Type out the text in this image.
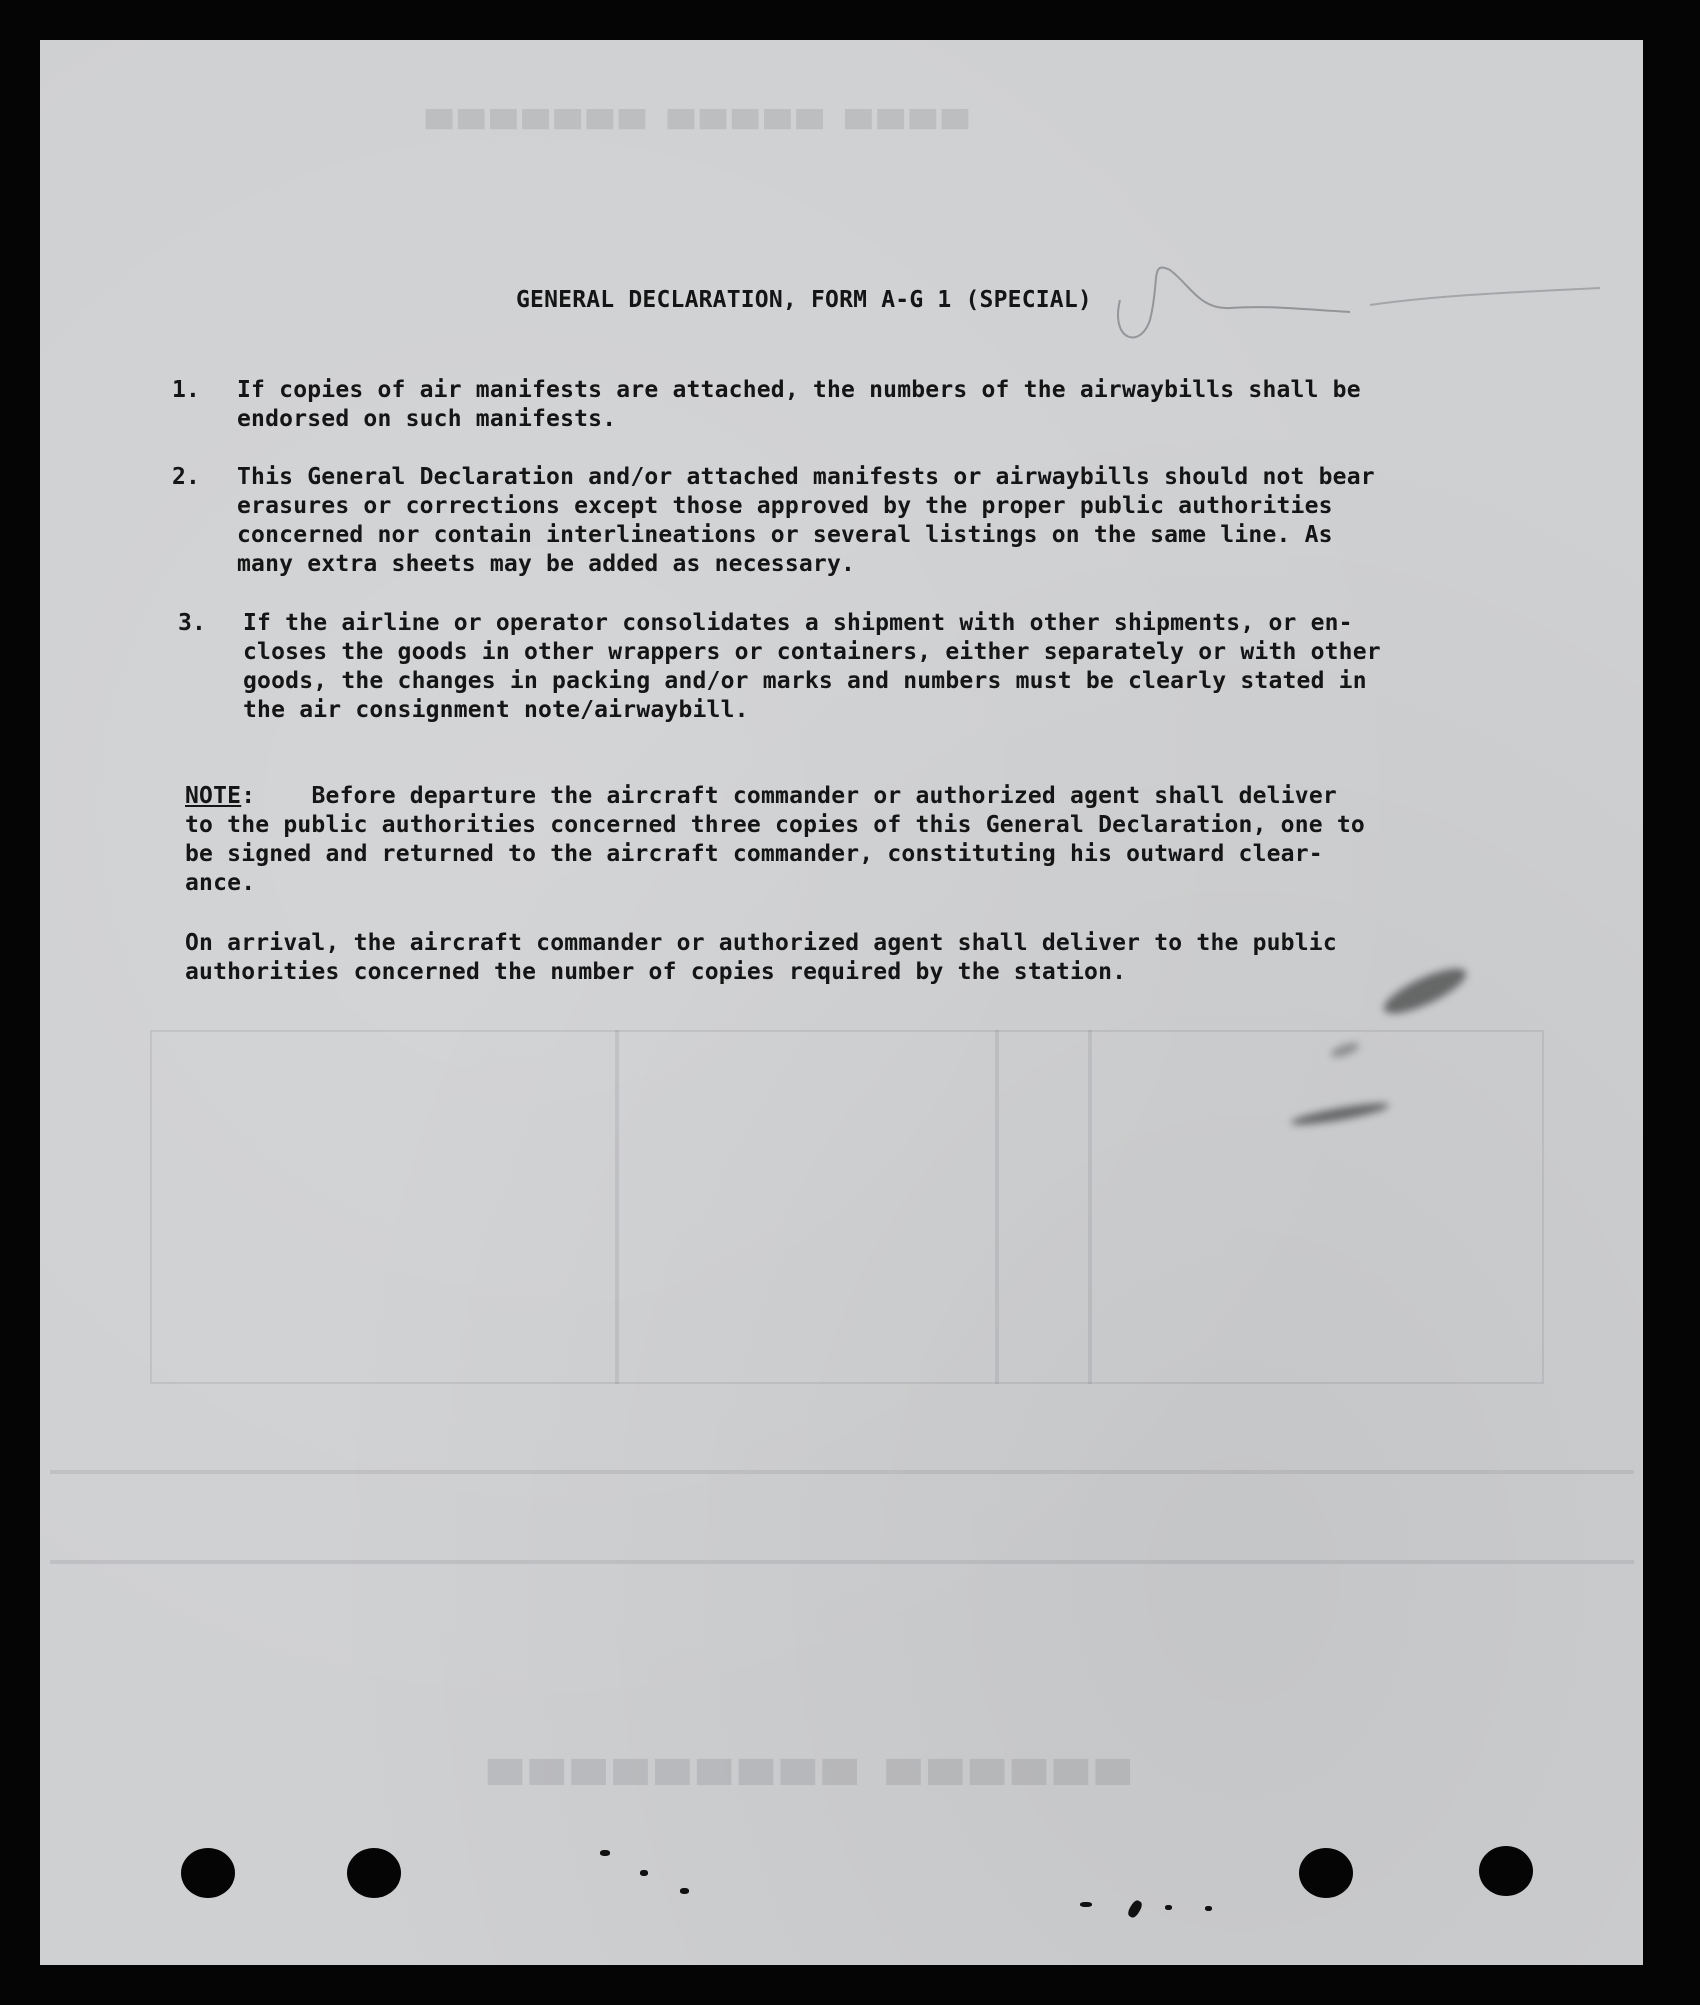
▀▀▀▀ ▀▀▀▀▀ ▀▀▀▀▀▀▀
▀▀▀▀▀▀ ▀▀▀▀▀▀▀▀▀
GENERAL DECLARATION, FORM A-G 1 (SPECIAL)
1.	If copies of air manifests are attached, the numbers of the airwaybills shall be
endorsed on such manifests.
2.	This General Declaration and/or attached manifests or airwaybills should not bear
erasures or corrections except those approved by the proper public authorities
concerned nor contain interlineations or several listings on the same line. As
many extra sheets may be added as necessary.
3.	If the airline or operator consolidates a shipment with other shipments, or en-
closes the goods in other wrappers or containers, either separately or with other
goods, the changes in packing and/or marks and numbers must be clearly stated in
the air consignment note/airwaybill.
NOTE: Before departure the aircraft commander or authorized agent shall deliver
to the public authorities concerned three copies of this General Declaration, one to
be signed and returned to the aircraft commander, constituting his outward clear-
ance.
On arrival, the aircraft commander or authorized agent shall deliver to the public
authorities concerned the number of copies required by the station.
